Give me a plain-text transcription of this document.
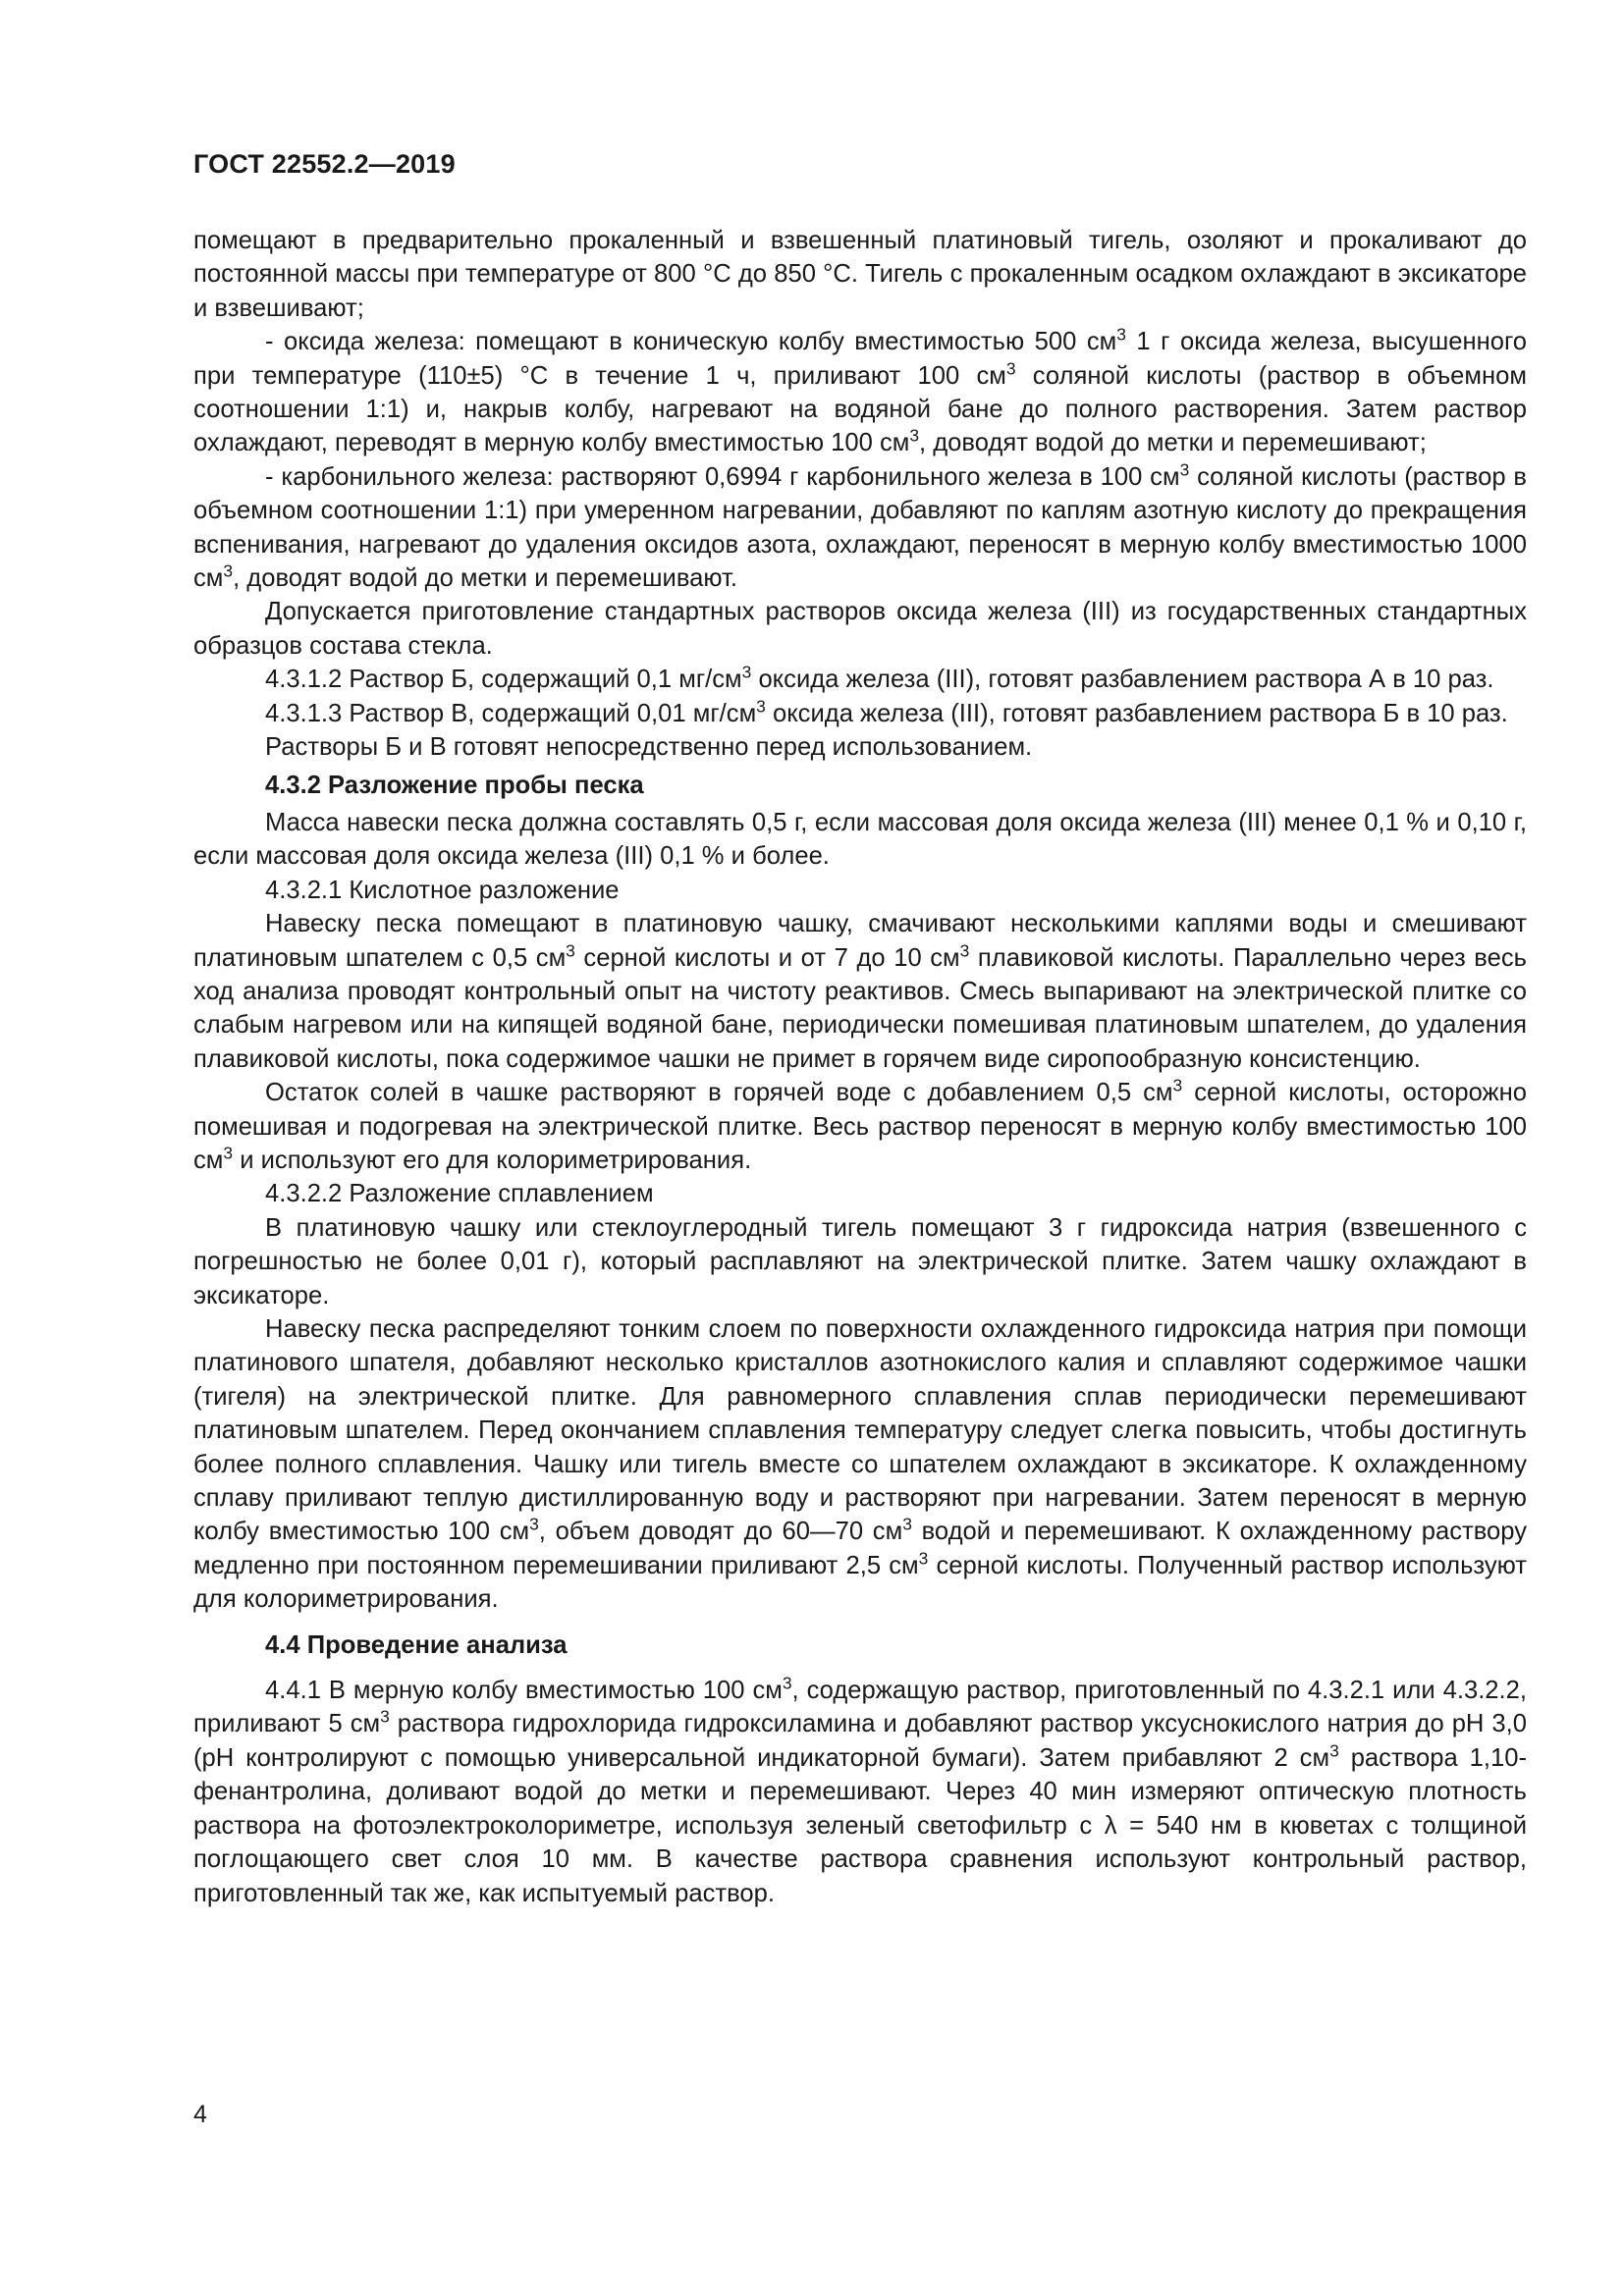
ГОСТ 22552.2—2019

помещают в предварительно прокаленный и взвешенный платиновый тигель, озоляют и прокаливают до постоянной массы при температуре от 800 °С до 850 °С. Тигель с прокаленным осадком охлаждают в эксикаторе и взвешивают;

- оксида железа: помещают в коническую колбу вместимостью 500 $см^3$ 1 г оксида железа, высушенного при температуре (110±5) °С в течение 1 ч, приливают 100 $см^3$ соляной кислоты (раствор в объемном соотношении 1:1) и, накрыв колбу, нагревают на водяной бане до полного растворения. Затем раствор охлаждают, переводят в мерную колбу вместимостью 100 $см^3$, доводят водой до метки и перемешивают;

- карбонильного железа: растворяют 0,6994 г карбонильного железа в 100 $см^3$ соляной кислоты (раствор в объемном соотношении 1:1) при умеренном нагревании, добавляют по каплям азотную кислоту до прекращения вспенивания, нагревают до удаления оксидов азота, охлаждают, переносят в мерную колбу вместимостью 1000 $см^3$, доводят водой до метки и перемешивают.

Допускается приготовление стандартных растворов оксида железа (III) из государственных стандартных образцов состава стекла.

4.3.1.2 Раствор Б, содержащий 0,1 $мг/см^3$ оксида железа (III), готовят разбавлением раствора А в 10 раз.

4.3.1.3 Раствор В, содержащий 0,01 $мг/см^3$ оксида железа (III), готовят разбавлением раствора Б в 10 раз.

Растворы Б и В готовят непосредственно перед использованием.

4.3.2 Разложение пробы песка

Масса навески песка должна составлять 0,5 г, если массовая доля оксида железа (III) менее 0,1 % и 0,10 г, если массовая доля оксида железа (III) 0,1 % и более.

4.3.2.1 Кислотное разложение

Навеску песка помещают в платиновую чашку, смачивают несколькими каплями воды и смешивают платиновым шпателем с 0,5 $см^3$ серной кислоты и от 7 до 10 $см^3$ плавиковой кислоты. Параллельно через весь ход анализа проводят контрольный опыт на чистоту реактивов. Смесь выпаривают на электрической плитке со слабым нагревом или на кипящей водяной бане, периодически помешивая платиновым шпателем, до удаления плавиковой кислоты, пока содержимое чашки не примет в горячем виде сиропообразную консистенцию.

Остаток солей в чашке растворяют в горячей воде с добавлением 0,5 $см^3$ серной кислоты, осторожно помешивая и подогревая на электрической плитке. Весь раствор переносят в мерную колбу вместимостью 100 $см^3$ и используют его для колориметрирования.

4.3.2.2 Разложение сплавлением

В платиновую чашку или стеклоуглеродный тигель помещают 3 г гидроксида натрия (взвешенного с погрешностью не более 0,01 г), который расплавляют на электрической плитке. Затем чашку охлаждают в эксикаторе.

Навеску песка распределяют тонким слоем по поверхности охлажденного гидроксида натрия при помощи платинового шпателя, добавляют несколько кристаллов азотнокислого калия и сплавляют содержимое чашки (тигеля) на электрической плитке. Для равномерного сплавления сплав периодически перемешивают платиновым шпателем. Перед окончанием сплавления температуру следует слегка повысить, чтобы достигнуть более полного сплавления. Чашку или тигель вместе со шпателем охлаждают в эксикаторе. К охлажденному сплаву приливают теплую дистиллированную воду и растворяют при нагревании. Затем переносят в мерную колбу вместимостью 100 $см^3$, объем доводят до 60—70 $см^3$ водой и перемешивают. К охлажденному раствору медленно при постоянном перемешивании приливают 2,5 $см^3$ серной кислоты. Полученный раствор используют для колориметрирования.

4.4 Проведение анализа

4.4.1 В мерную колбу вместимостью 100 $см^3$, содержащую раствор, приготовленный по 4.3.2.1 или 4.3.2.2, приливают 5 $см^3$ раствора гидрохлорида гидроксиламина и добавляют раствор уксуснокислого натрия до рН 3,0 (рН контролируют с помощью универсальной индикаторной бумаги). Затем прибавляют 2 $см^3$ раствора 1,10-фенантролина, доливают водой до метки и перемешивают. Через 40 мин измеряют оптическую плотность раствора на фотоэлектроколориметре, используя зеленый светофильтр с λ = 540 нм в кюветах с толщиной поглощающего свет слоя 10 мм. В качестве раствора сравнения используют контрольный раствор, приготовленный так же, как испытуемый раствор.

4
